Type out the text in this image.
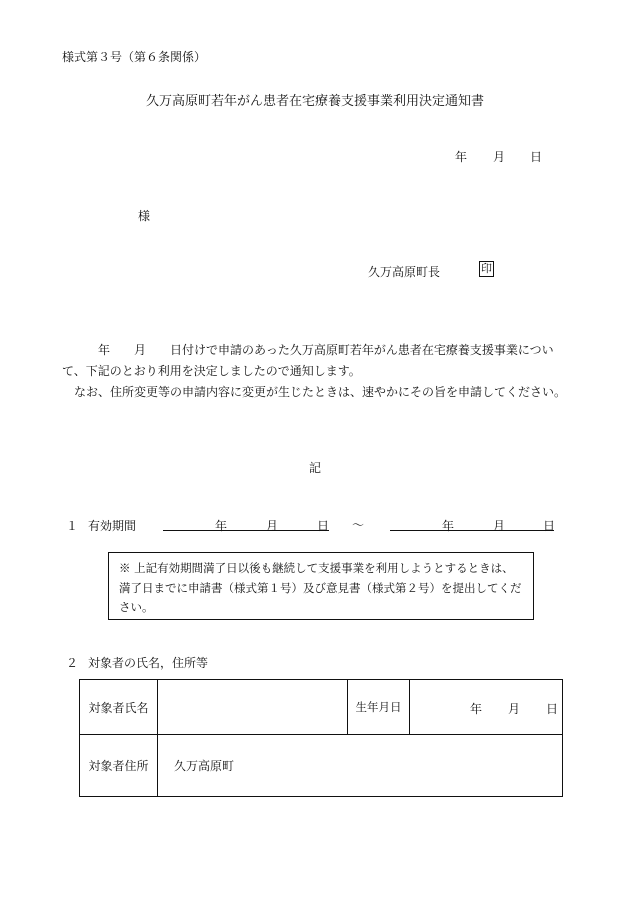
様式第３号（第６条関係）
久万高原町若年がん患者在宅療養支援事業利用決定通知書
年 月 日
様
久万高原町長	印
　　　年　　月　　日付けで申請のあった久万高原町若年がん患者在宅療養支援事業について、下記のとおり利用を決定しましたので通知します。
　なお、住所変更等の申請内容に変更が生じたときは、速やかにその旨を申請してください。
記
１ 有効期間	年	月	日 ～	年	月	日
※ 上記有効期間満了日以後も継続して支援事業を利用しようとするときは、満了日までに申請書（様式第１号）及び意見書（様式第２号）を提出してください。
２ 対象者の氏名，住所等
対象者氏名		生年月日	年 月 日

対象者住所	久万高原町		
